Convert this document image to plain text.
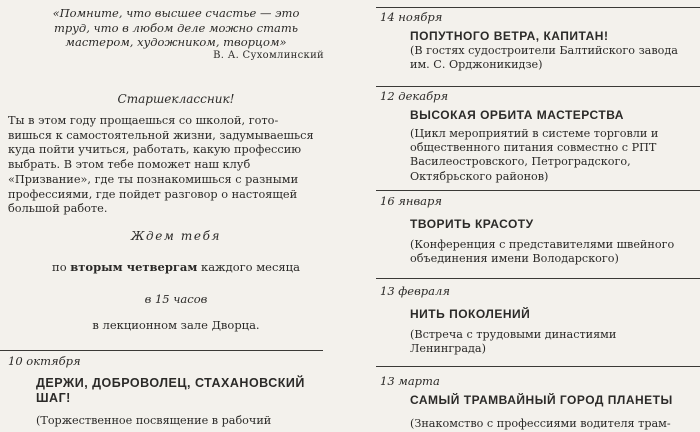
«Помните, что высшее счастье — это
труд, что в любом деле можно стать
мастером, художником, творцом»
В. А. Сухомлинский
Старшеклассник!
Ты в этом году прощаешься со школой, гото-
вишься к самостоятельной жизни, задумываешься
куда пойти учиться, работать, какую профессию
выбрать. В этом тебе поможет наш клуб
«Призвание», где ты познакомишься с разными
профессиями, где пойдет разговор о настоящей
большой работе.
Ждем тебя
по вторым четвергам каждого месяца
в 15 часов
в лекционном зале Дворца.
10 октября
ДЕРЖИ, ДОБРОВОЛЕЦ, СТАХАНОВСКИЙ
ШАГ!
(Торжественное посвящение в рабочий
14 ноября
ПОПУТНОГО ВЕТРА, КАПИТАН!
(В гостях судостроители Балтийского завода
им. С. Орджоникидзе)
12 декабря
ВЫСОКАЯ ОРБИТА МАСТЕРСТВА
(Цикл мероприятий в системе торговли и
общественного питания совместно с РПТ
Василеостровского, Петроградского,
Октябрьского районов)
16 января
ТВОРИТЬ КРАСОТУ
(Конференция с представителями швейного
объединения имени Володарского)
13 февраля
НИТЬ ПОКОЛЕНИЙ
(Встреча с трудовыми династиями
Ленинграда)
13 марта
САМЫЙ ТРАМВАЙНЫЙ ГОРОД ПЛАНЕТЫ
(Знакомство с профессиями водителя трам-
